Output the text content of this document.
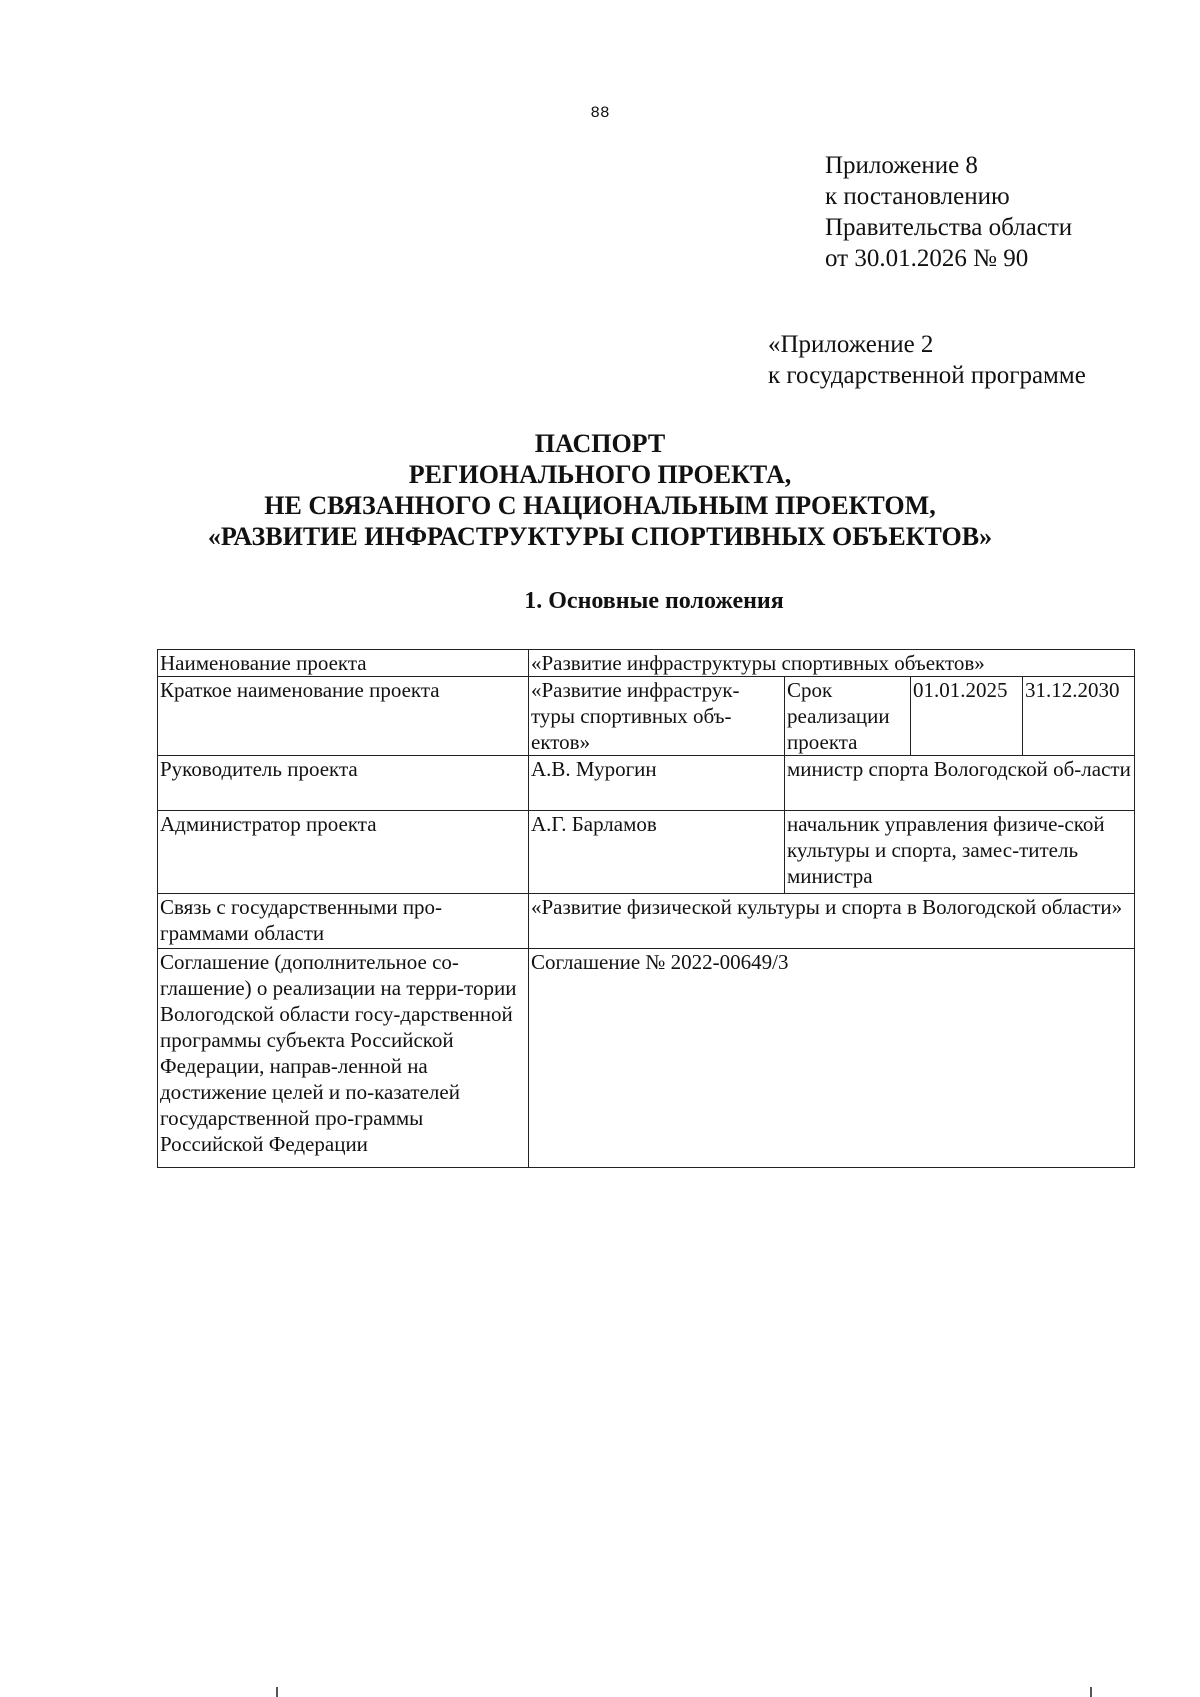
88
Приложение 8
к постановлению
Правительства области
от 30.01.2026 № 90
«Приложение 2
к государственной программе
ПАСПОРТ
РЕГИОНАЛЬНОГО ПРОЕКТА,
НЕ СВЯЗАННОГО С НАЦИОНАЛЬНЫМ ПРОЕКТОМ,
«РАЗВИТИЕ ИНФРАСТРУКТУРЫ СПОРТИВНЫХ ОБЪЕКТОВ»
1. Основные положения
Наименование проекта	«Развитие инфраструктуры спортивных объектов»			
Краткое наименование проекта	«Развитие инфраструк-туры спортивных объ-ектов»	Срок реализации проекта	01.01.2025	31.12.2030
Руководитель проекта	А.В. Мурогин	министр спорта Вологодской об-ласти		
Администратор проекта	А.Г. Барламов	начальник управления физиче-ской культуры и спорта, замес-титель министра		
Связь с государственными про-граммами области	«Развитие физической культуры и спорта в Вологодской области»			
Соглашение (дополнительное со-глашение) о реализации на терри-тории Вологодской области госу-дарственной программы субъекта Российской Федерации, направ-ленной на достижение целей и по-казателей государственной про-граммы Российской Федерации	Соглашение № 2022-00649/3			
